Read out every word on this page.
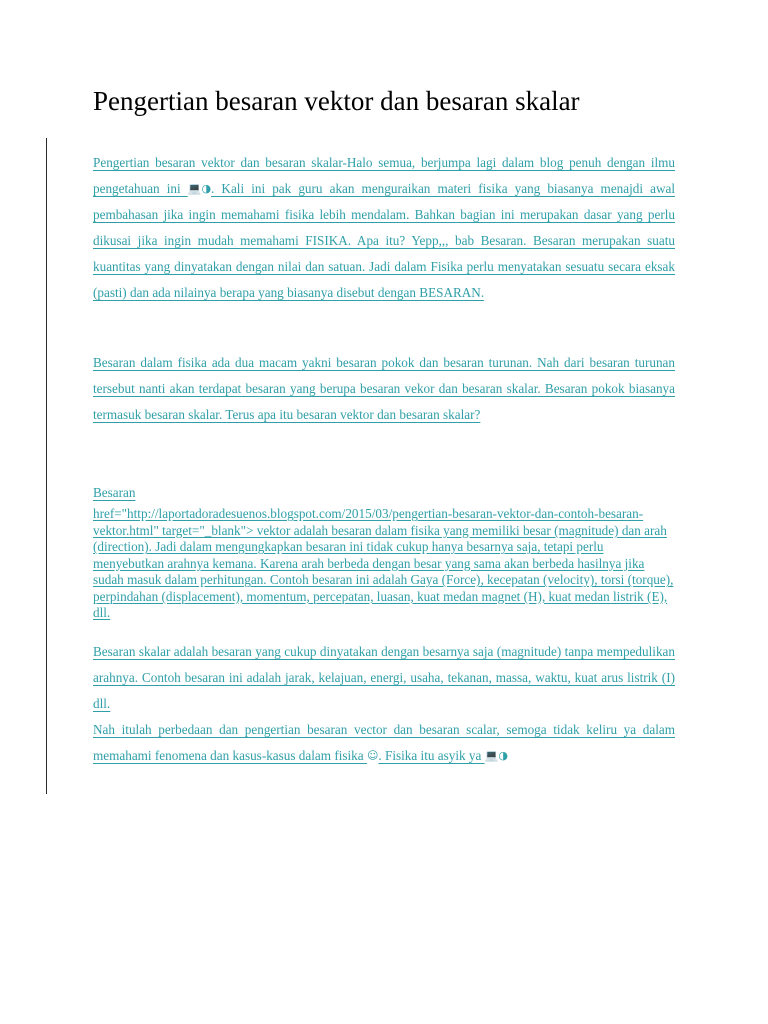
Pengertian besaran vektor dan besaran skalar

Pengertian besaran vektor dan besaran skalar-Halo semua, berjumpa lagi dalam blog penuh dengan ilmu pengetahuan ini 💻◑. Kali ini pak guru akan menguraikan materi fisika yang biasanya menajdi awal pembahasan jika ingin memahami fisika lebih mendalam. Bahkan bagian ini merupakan dasar yang perlu dikusai jika ingin mudah memahami FISIKA. Apa itu? Yepp,,, bab Besaran. Besaran merupakan suatu kuantitas yang dinyatakan dengan nilai dan satuan. Jadi dalam Fisika perlu menyatakan sesuatu secara eksak (pasti) dan ada nilainya berapa yang biasanya disebut dengan BESARAN.

Besaran dalam fisika ada dua macam yakni besaran pokok dan besaran turunan. Nah dari besaran turunan tersebut nanti akan terdapat besaran yang berupa besaran vekor dan besaran skalar. Besaran pokok biasanya termasuk besaran skalar. Terus apa itu besaran vektor dan besaran skalar?

Besaran

href="http://laportadoradesuenos.blogspot.com/2015/03/pengertian-besaran-vektor-dan-contoh-besaran-vektor.html" target="_blank"> vektor adalah besaran dalam fisika yang memiliki besar (magnitude) dan arah (direction). Jadi dalam mengungkapkan besaran ini tidak cukup hanya besarnya saja, tetapi perlu menyebutkan arahnya kemana. Karena arah berbeda dengan besar yang sama akan berbeda hasilnya jika sudah masuk dalam perhitungan. Contoh besaran ini adalah Gaya (Force), kecepatan (velocity), torsi (torque), perpindahan (displacement), momentum, percepatan, luasan, kuat medan magnet (H), kuat medan listrik (E), dll.

Besaran skalar adalah besaran yang cukup dinyatakan dengan besarnya saja (magnitude) tanpa mempedulikan arahnya. Contoh besaran ini adalah jarak, kelajuan, energi, usaha, tekanan, massa, waktu, kuat arus listrik (I) dll.

Nah itulah perbedaan dan pengertian besaran vector dan besaran scalar, semoga tidak keliru ya dalam memahami fenomena dan kasus-kasus dalam fisika ☺. Fisika itu asyik ya 💻◑
